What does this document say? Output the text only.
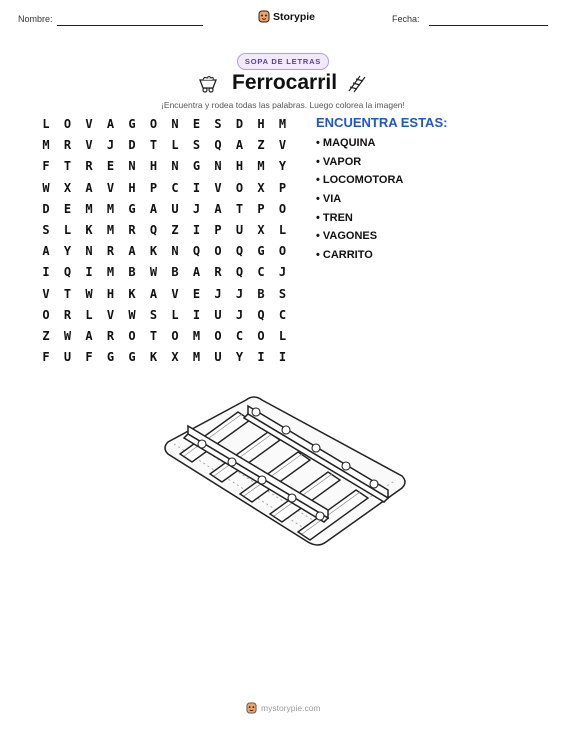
Nombre:	Storypie	Fecha:
SOPA DE LETRAS
Ferrocarril
¡Encuentra y rodea todas las palabras. Luego colorea la imagen!
L	O	V	A	G	O	N	E	S	D	H	M
M	R	V	J	D	T	L	S	Q	A	Z	V
F	T	R	E	N	H	N	G	N	H	M	Y
W	X	A	V	H	P	C	I	V	O	X	P
D	E	M	M	G	A	U	J	A	T	P	O
S	L	K	M	R	Q	Z	I	P	U	X	L
A	Y	N	R	A	K	N	Q	O	Q	G	O
I	Q	I	M	B	W	B	A	R	Q	C	J
V	T	W	H	K	A	V	E	J	J	B	S
O	R	L	V	W	S	L	I	U	J	Q	C
Z	W	A	R	O	T	O	M	O	C	O	L
F	U	F	G	G	K	X	M	U	Y	I	I
ENCUENTRA ESTAS:
• MAQUINA
• VAPOR
• LOCOMOTORA
• VIA
• TREN
• VAGONES
• CARRITO
mystorypie.com
